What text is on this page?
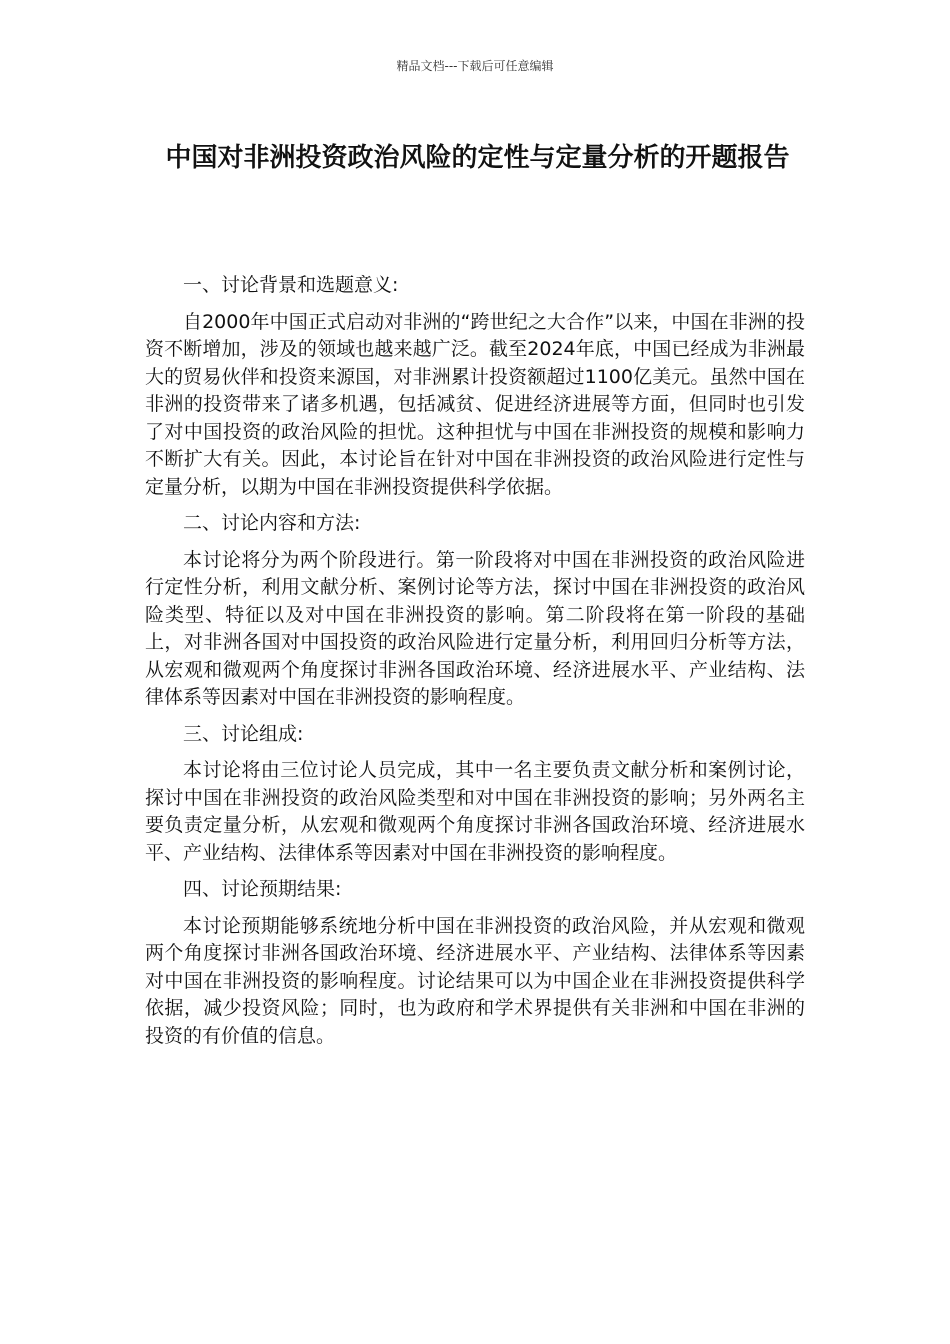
精品文档---下载后可任意编辑
中国对非洲投资政治风险的定性与定量分析的开题报告

一、讨论背景和选题意义:

自2000年中国正式启动对非洲的“跨世纪之大合作”以来，中国在非洲的投资不断增加，涉及的领域也越来越广泛。截至2024年底，中国已经成为非洲最大的贸易伙伴和投资来源国，对非洲累计投资额超过1100亿美元。虽然中国在非洲的投资带来了诸多机遇，包括减贫、促进经济进展等方面，但同时也引发了对中国投资的政治风险的担忧。这种担忧与中国在非洲投资的规模和影响力不断扩大有关。因此，本讨论旨在针对中国在非洲投资的政治风险进行定性与定量分析，以期为中国在非洲投资提供科学依据。

二、讨论内容和方法:

本讨论将分为两个阶段进行。第一阶段将对中国在非洲投资的政治风险进行定性分析，利用文献分析、案例讨论等方法，探讨中国在非洲投资的政治风险类型、特征以及对中国在非洲投资的影响。第二阶段将在第一阶段的基础上，对非洲各国对中国投资的政治风险进行定量分析，利用回归分析等方法，从宏观和微观两个角度探讨非洲各国政治环境、经济进展水平、产业结构、法律体系等因素对中国在非洲投资的影响程度。

三、讨论组成:

本讨论将由三位讨论人员完成，其中一名主要负责文献分析和案例讨论，探讨中国在非洲投资的政治风险类型和对中国在非洲投资的影响；另外两名主要负责定量分析，从宏观和微观两个角度探讨非洲各国政治环境、经济进展水平、产业结构、法律体系等因素对中国在非洲投资的影响程度。

四、讨论预期结果:

本讨论预期能够系统地分析中国在非洲投资的政治风险，并从宏观和微观两个角度探讨非洲各国政治环境、经济进展水平、产业结构、法律体系等因素对中国在非洲投资的影响程度。讨论结果可以为中国企业在非洲投资提供科学依据，减少投资风险；同时，也为政府和学术界提供有关非洲和中国在非洲的投资的有价值的信息。
